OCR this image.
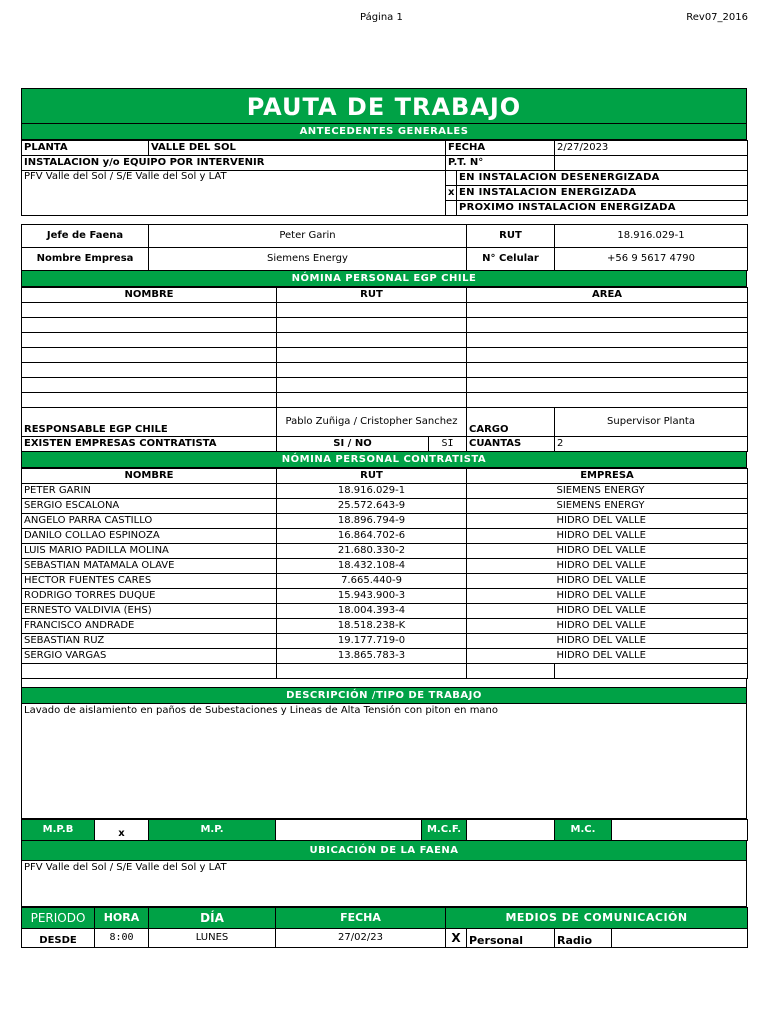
Página 1	Rev07_2016
PAUTA DE TRABAJO
ANTECEDENTES GENERALES
PLANTA	VALLE DEL SOL	FECHA		2/27/2023
INSTALACION y/o EQUIPO POR INTERVENIR		P.T. N°		
PFV Valle del Sol / S/E Valle del Sol y LAT			EN INSTALACION DESENERGIZADA	
		x	EN INSTALACION ENERGIZADA	
			PROXIMO INSTALACION ENERGIZADA	
Jefe de Faena	Peter Garin	RUT	18.916.029-1
Nombre Empresa	Siemens Energy	N° Celular	+56 9 5617 4790
NÓMINA PERSONAL EGP CHILE
NOMBRE	RUT		AREA	

RESPONSABLE EGP CHILE	Pablo Zuñiga / Cristopher Sanchez		CARGO	Supervisor Planta
EXISTEN EMPRESAS CONTRATISTA	SI / NO	SI	CUANTAS	2
NÓMINA PERSONAL CONTRATISTA
NOMBRE	RUT	EMPRESA	
PETER GARIN	18.916.029-1		SIEMENS ENERGY
SERGIO ESCALONA	25.572.643-9		SIEMENS ENERGY
ANGELO PARRA CASTILLO	18.896.794-9		HIDRO DEL VALLE
DANILO COLLAO ESPINOZA	16.864.702-6		HIDRO DEL VALLE
LUIS MARIO PADILLA MOLINA	21.680.330-2		HIDRO DEL VALLE
SEBASTIAN MATAMALA OLAVE	18.432.108-4		HIDRO DEL VALLE
HECTOR FUENTES CARES	7.665.440-9		HIDRO DEL VALLE
RODRIGO TORRES DUQUE	15.943.900-3		HIDRO DEL VALLE
ERNESTO VALDIVIA (EHS)	18.004.393-4		HIDRO DEL VALLE
FRANCISCO ANDRADE	18.518.238-K		HIDRO DEL VALLE
SEBASTIAN RUZ	19.177.719-0		HIDRO DEL VALLE
SERGIO VARGAS	13.865.783-3		HIDRO DEL VALLE

DESCRIPCIÓN /TIPO DE TRABAJO
Lavado de aislamiento en paños de Subestaciones y Lineas de Alta Tensión con piton en mano
M.P.B	x	M.P.		M.C.F.		M.C.	
UBICACIÓN DE LA FAENA
PFV Valle del Sol / S/E Valle del Sol y LAT
PERIODO	HORA	DÍA	FECHA	MEDIOS DE COMUNICACIÓN			
DESDE	8:00	LUNES	27/02/23	X	Personal	Radio	
